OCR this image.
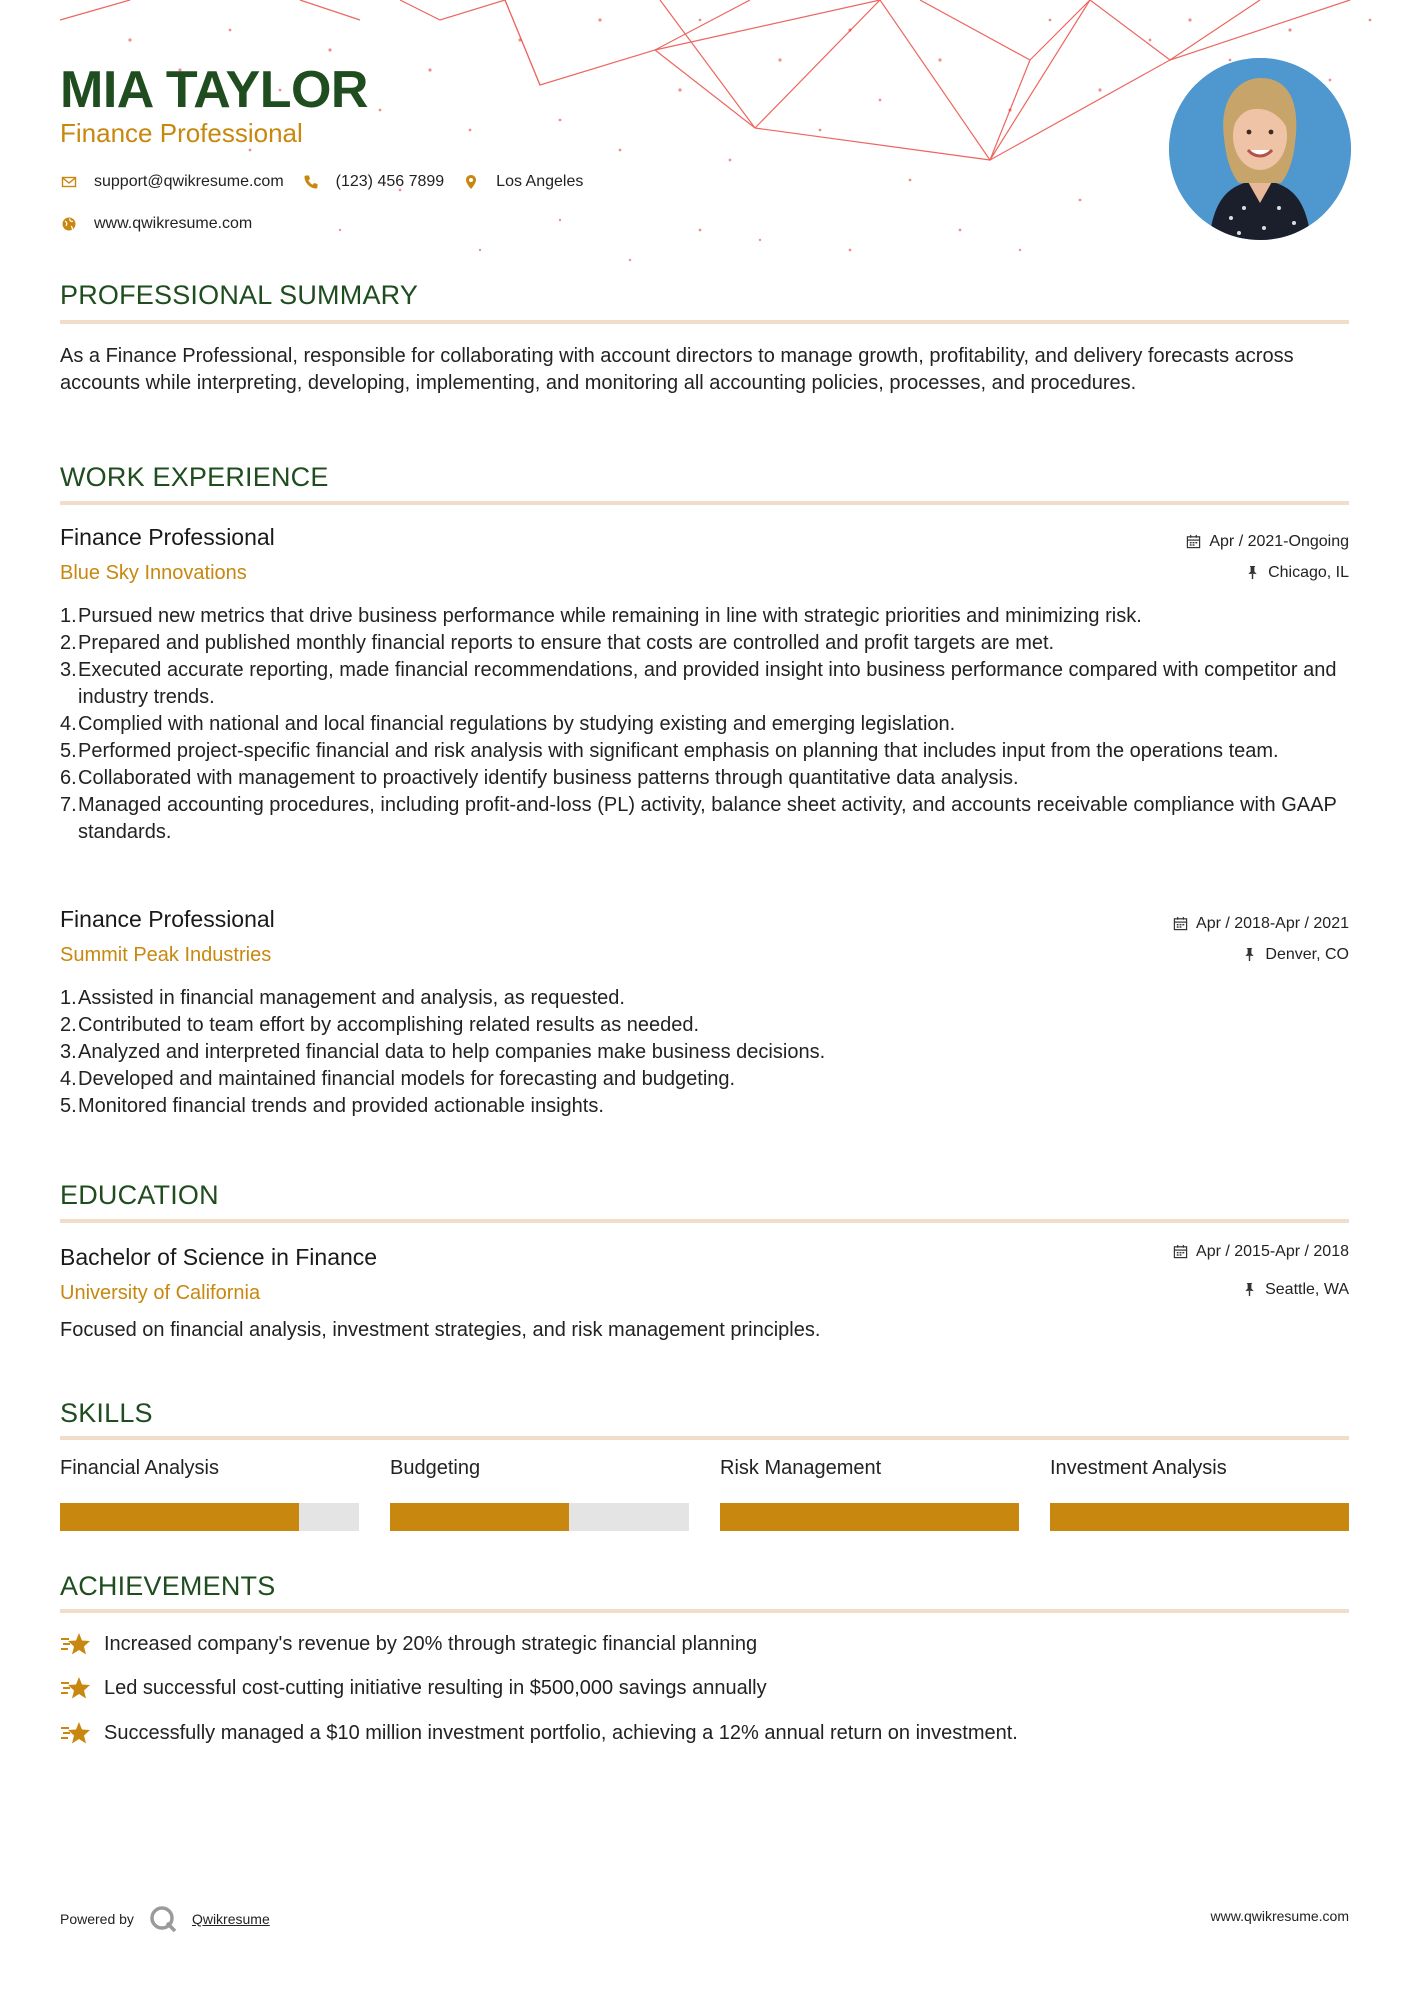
MIA TAYLOR
Finance Professional
support@qwikresume.com	(123) 456 7899	Los Angeles
www.qwikresume.com
PROFESSIONAL SUMMARY
As a Finance Professional, responsible for collaborating with account directors to manage growth, profitability, and delivery forecasts across accounts while interpreting, developing, implementing, and monitoring all accounting policies, processes, and procedures.
WORK EXPERIENCE
Finance Professional
Blue Sky Innovations
Apr / 2021-Ongoing
Chicago, IL
1. Pursued new metrics that drive business performance while remaining in line with strategic priorities and minimizing risk.
2. Prepared and published monthly financial reports to ensure that costs are controlled and profit targets are met.
3. Executed accurate reporting, made financial recommendations, and provided insight into business performance compared with competitor and industry trends.
4. Complied with national and local financial regulations by studying existing and emerging legislation.
5. Performed project-specific financial and risk analysis with significant emphasis on planning that includes input from the operations team.
6. Collaborated with management to proactively identify business patterns through quantitative data analysis.
7. Managed accounting procedures, including profit-and-loss (PL) activity, balance sheet activity, and accounts receivable compliance with GAAP standards.
Finance Professional
Summit Peak Industries
Apr / 2018-Apr / 2021
Denver, CO
1. Assisted in financial management and analysis, as requested.
2. Contributed to team effort by accomplishing related results as needed.
3. Analyzed and interpreted financial data to help companies make business decisions.
4. Developed and maintained financial models for forecasting and budgeting.
5. Monitored financial trends and provided actionable insights.
EDUCATION
Bachelor of Science in Finance
University of California
Apr / 2015-Apr / 2018
Seattle, WA
Focused on financial analysis, investment strategies, and risk management principles.
SKILLS
Financial Analysis	Budgeting	Risk Management	Investment Analysis
ACHIEVEMENTS
Increased company's revenue by 20% through strategic financial planning
Led successful cost-cutting initiative resulting in $500,000 savings annually
Successfully managed a $10 million investment portfolio, achieving a 12% annual return on investment.
Powered by	Qwikresume	www.qwikresume.com
